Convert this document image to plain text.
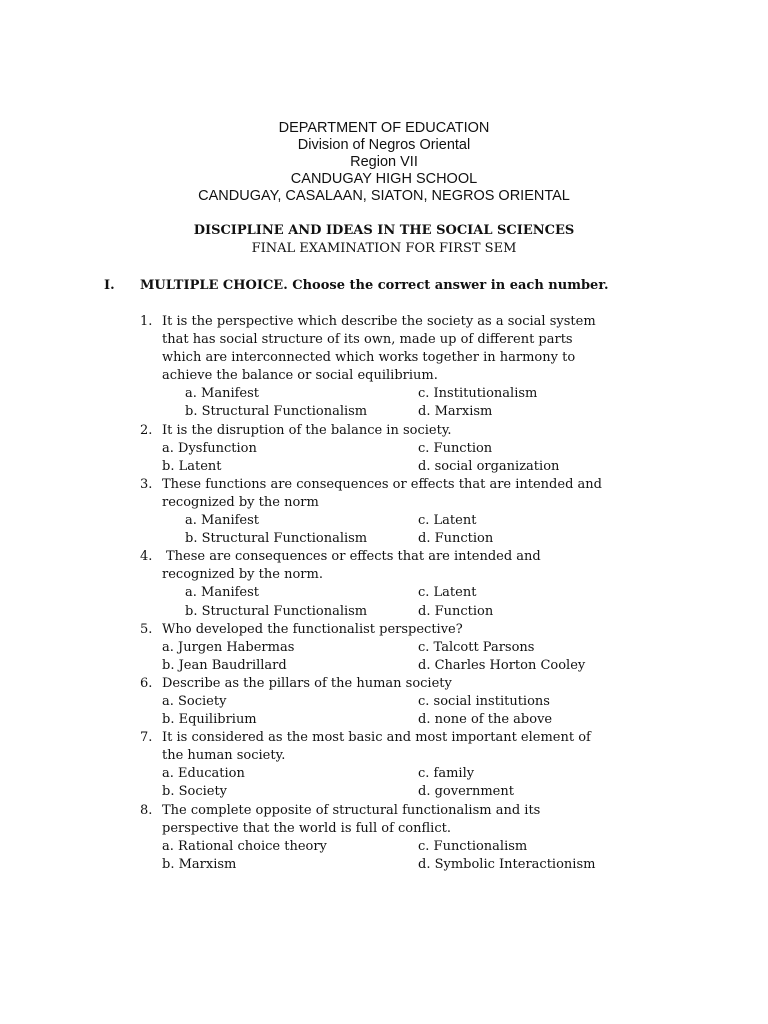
DEPARTMENT OF EDUCATION
Division of Negros Oriental
Region VII
CANDUGAY HIGH SCHOOL
CANDUGAY, CASALAAN, SIATON, NEGROS ORIENTAL
DISCIPLINE AND IDEAS IN THE SOCIAL SCIENCES
FINAL EXAMINATION FOR FIRST SEM
I. MULTIPLE CHOICE. Choose the correct answer in each number.
1. It is the perspective which describe the society as a social system
that has social structure of its own, made up of different parts
which are interconnected which works together in harmony to
achieve the balance or social equilibrium.
a. Manifest	c. Institutionalism
b. Structural Functionalism	d. Marxism
2. It is the disruption of the balance in society.
a. Dysfunction	c. Function
b. Latent	d. social organization
3. These functions are consequences or effects that are intended and
recognized by the norm
a. Manifest	c. Latent
b. Structural Functionalism	d. Function
4. These are consequences or effects that are intended and
recognized by the norm.
a. Manifest	c. Latent
b. Structural Functionalism	d. Function
5. Who developed the functionalist perspective?
a. Jurgen Habermas	c. Talcott Parsons
b. Jean Baudrillard	d. Charles Horton Cooley
6. Describe as the pillars of the human society
a. Society	c. social institutions
b. Equilibrium	d. none of the above
7. It is considered as the most basic and most important element of
the human society.
a. Education	c. family
b. Society	d. government
8. The complete opposite of structural functionalism and its
perspective that the world is full of conflict.
a. Rational choice theory	c. Functionalism
b. Marxism	d. Symbolic Interactionism
